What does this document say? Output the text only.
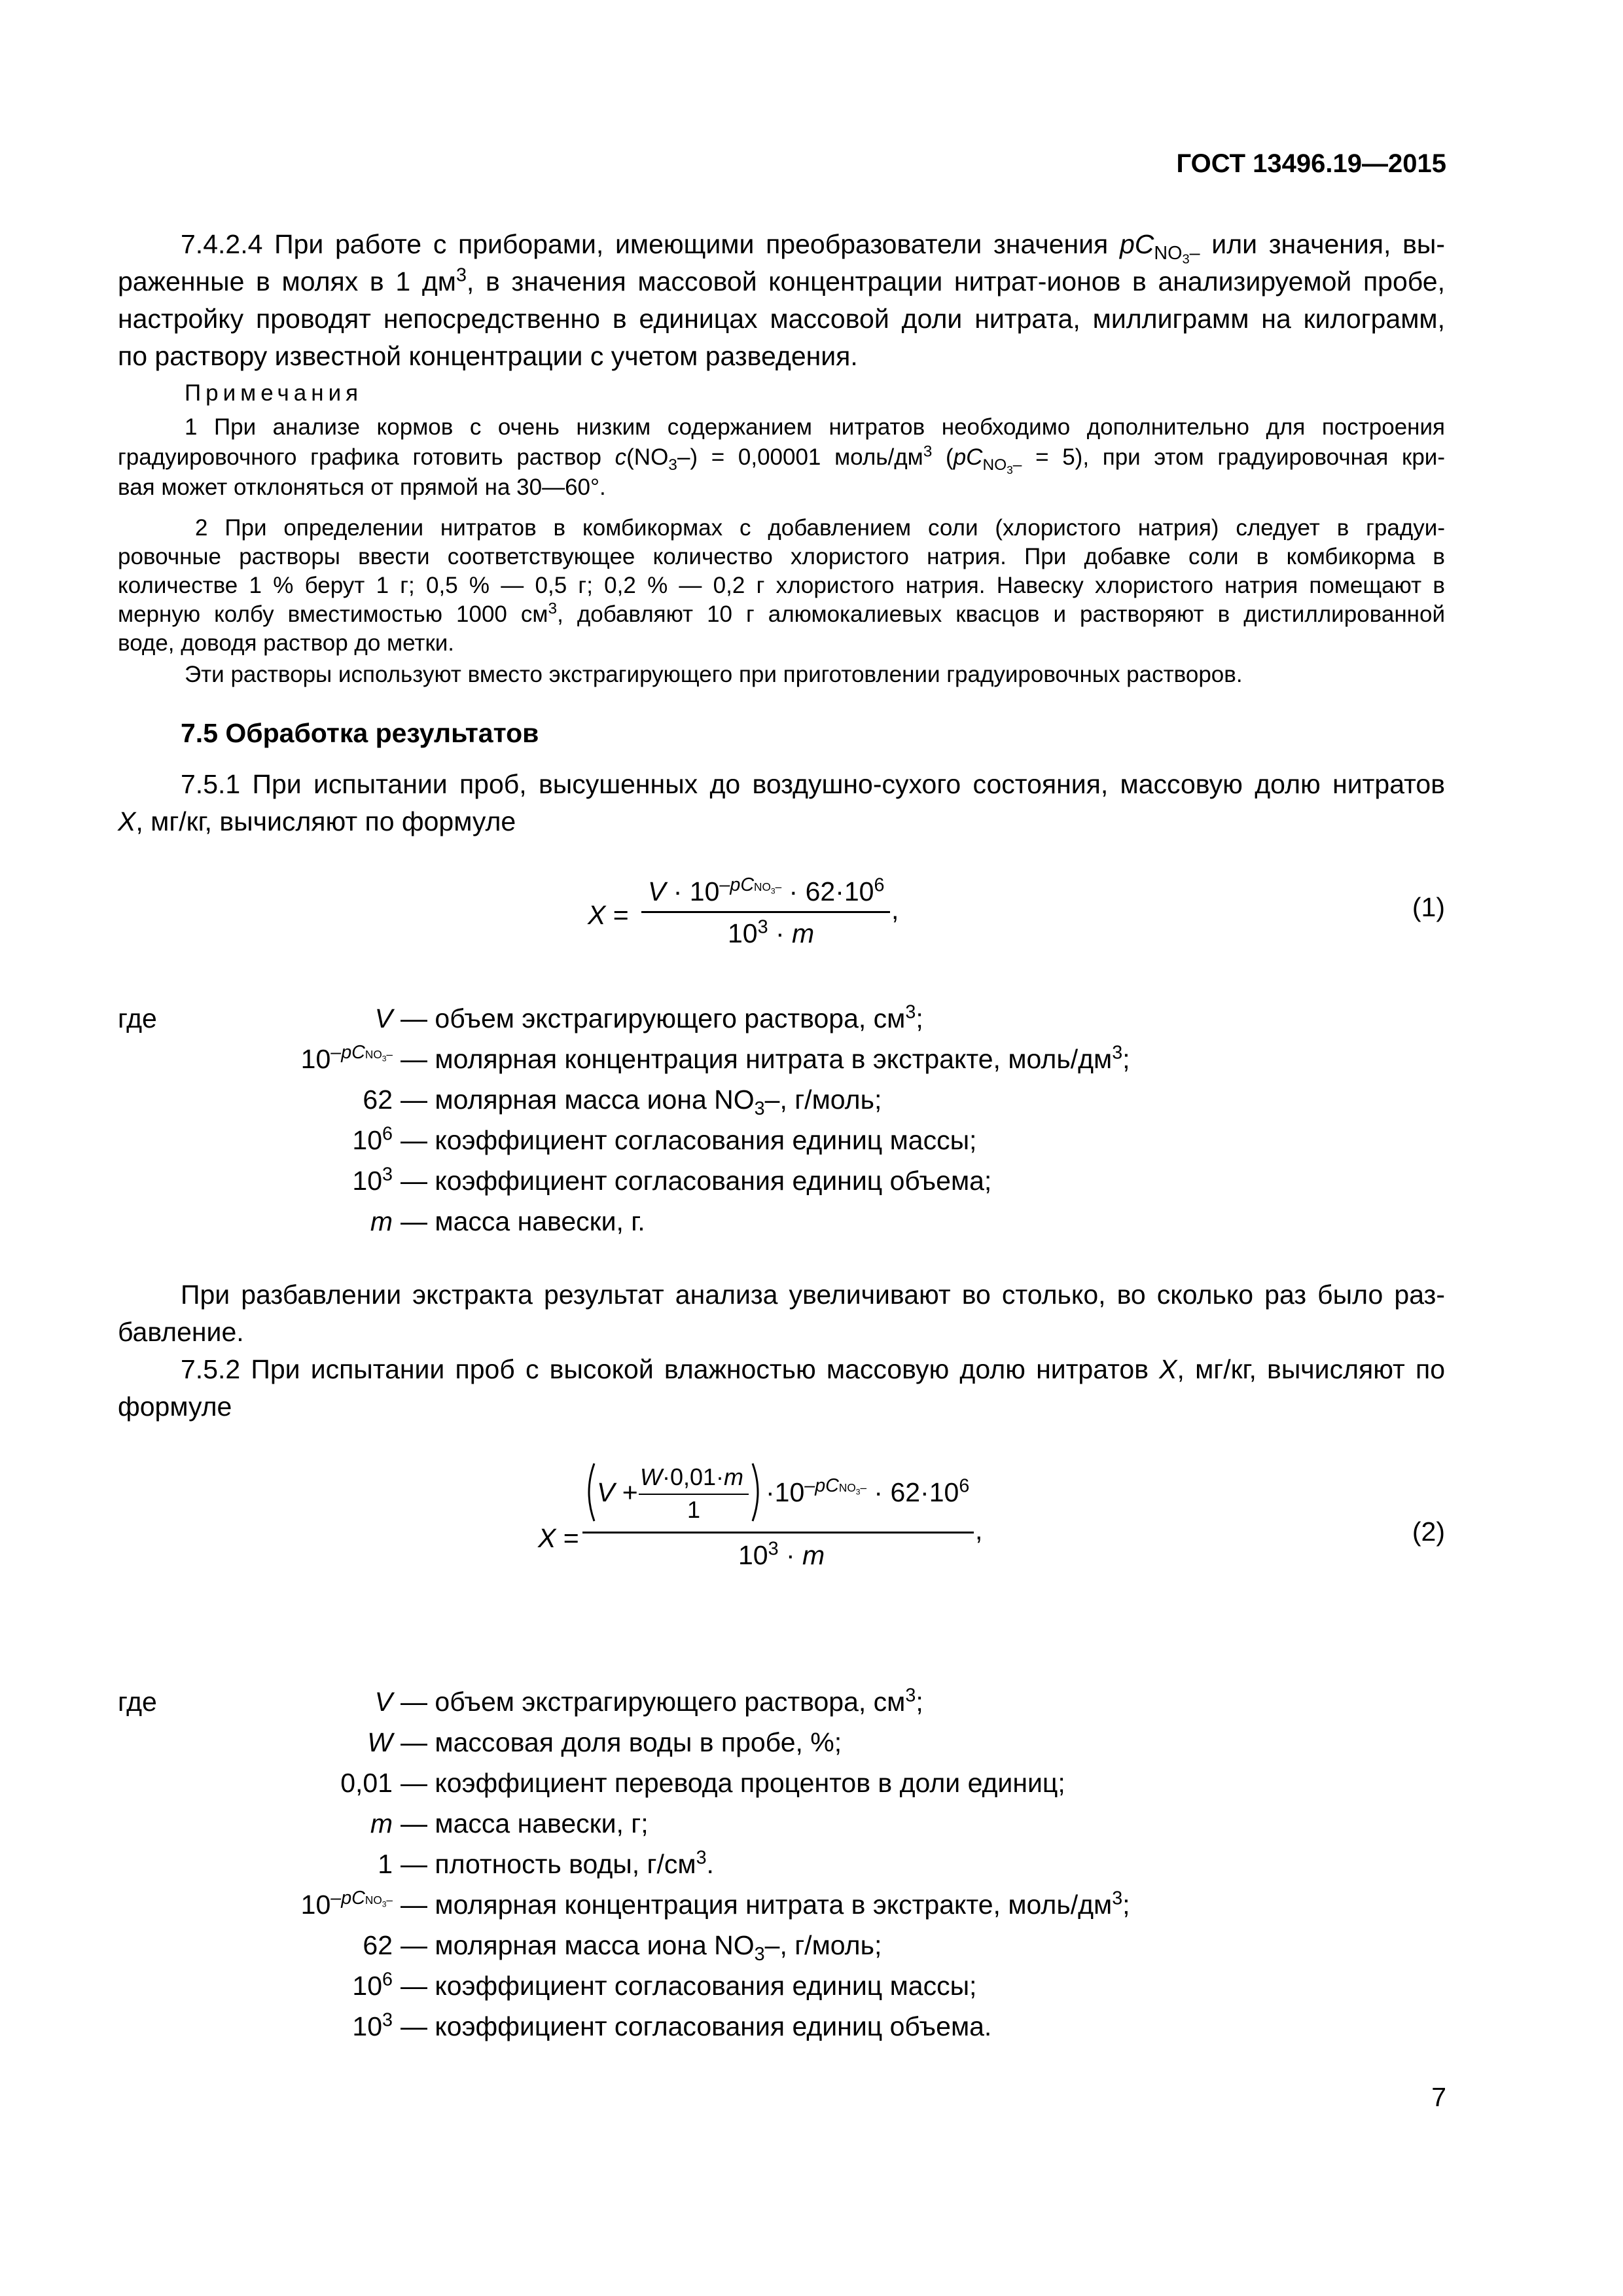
ГОСТ 13496.19—2015
7.4.2.4 При работе с приборами, имеющими преобразователи значения $pC_{NO_3-}$ или значения, вы-
раженные в молях в 1 $дм^3$, в значения массовой концентрации нитрат-ионов в анализируемой пробе,
настройку проводят непосредственно в единицах массовой доли нитрата, миллиграмм на килограмм,
по раствору известной концентрации с учетом разведения.
Примечания
1 При анализе кормов с очень низким содержанием нитратов необходимо дополнительно для построения
градуировочного графика готовить раствор $c(NO_3-) = 0,00001$ моль/$дм^3$ $(pC_{NO_3-} = 5)$, при этом градуировочная кри-
вая может отклоняться от прямой на 30—60°.
2 При определении нитратов в комбикормах с добавлением соли (хлористого натрия) следует в градуи-
ровочные растворы ввести соответствующее количество хлористого натрия. При добавке соли в комбикорма в
количестве 1 % берут 1 г; 0,5 % — 0,5 г; 0,2 % — 0,2 г хлористого натрия. Навеску хлористого натрия помещают в
мерную колбу вместимостью 1000 $см^3$, добавляют 10 г алюмокалиевых квасцов и растворяют в дистиллированной
воде, доводя раствор до метки.
Эти растворы используют вместо экстрагирующего при приготовлении градуировочных растворов.
7.5 Обработка результатов
7.5.1 При испытании проб, высушенных до воздушно-сухого состояния, массовую долю нитратов
X, мг/кг, вычисляют по формуле
X =
$V \cdot 10^{-pCNO_3-} \cdot 62\cdot 10^6$
,
$10^3 \cdot m$
(1)
где	V — объем экстрагирующего раствора, $см^3$;
$10^{-pCNO_3-}$ — молярная концентрация нитрата в экстракте, моль/$дм^3$;
62 — молярная масса иона $NO_3-$, г/моль;
$10^6$ — коэффициент согласования единиц массы;
$10^3$ — коэффициент согласования единиц объема;
m — масса навески, г.
При разбавлении экстракта результат анализа увеличивают во столько, во сколько раз было раз-
бавление.
7.5.2 При испытании проб с высокой влажностью массовую долю нитратов X, мг/кг, вычисляют по
формуле
X =
V +
W·0,01·m
1
$\cdot 10^{-pCNO_3-} \cdot 62\cdot 10^6$
,
$10^3 \cdot m$
(2)
где	V — объем экстрагирующего раствора, $см^3$;
W — массовая доля воды в пробе, %;
0,01 — коэффициент перевода процентов в доли единиц;
m — масса навески, г;
1 — плотность воды, $г/см^3$.
$10^{-pCNO_3-}$ — молярная концентрация нитрата в экстракте, моль/$дм^3$;
62 — молярная масса иона $NO_3-$, г/моль;
$10^6$ — коэффициент согласования единиц массы;
$10^3$ — коэффициент согласования единиц объема.
7
